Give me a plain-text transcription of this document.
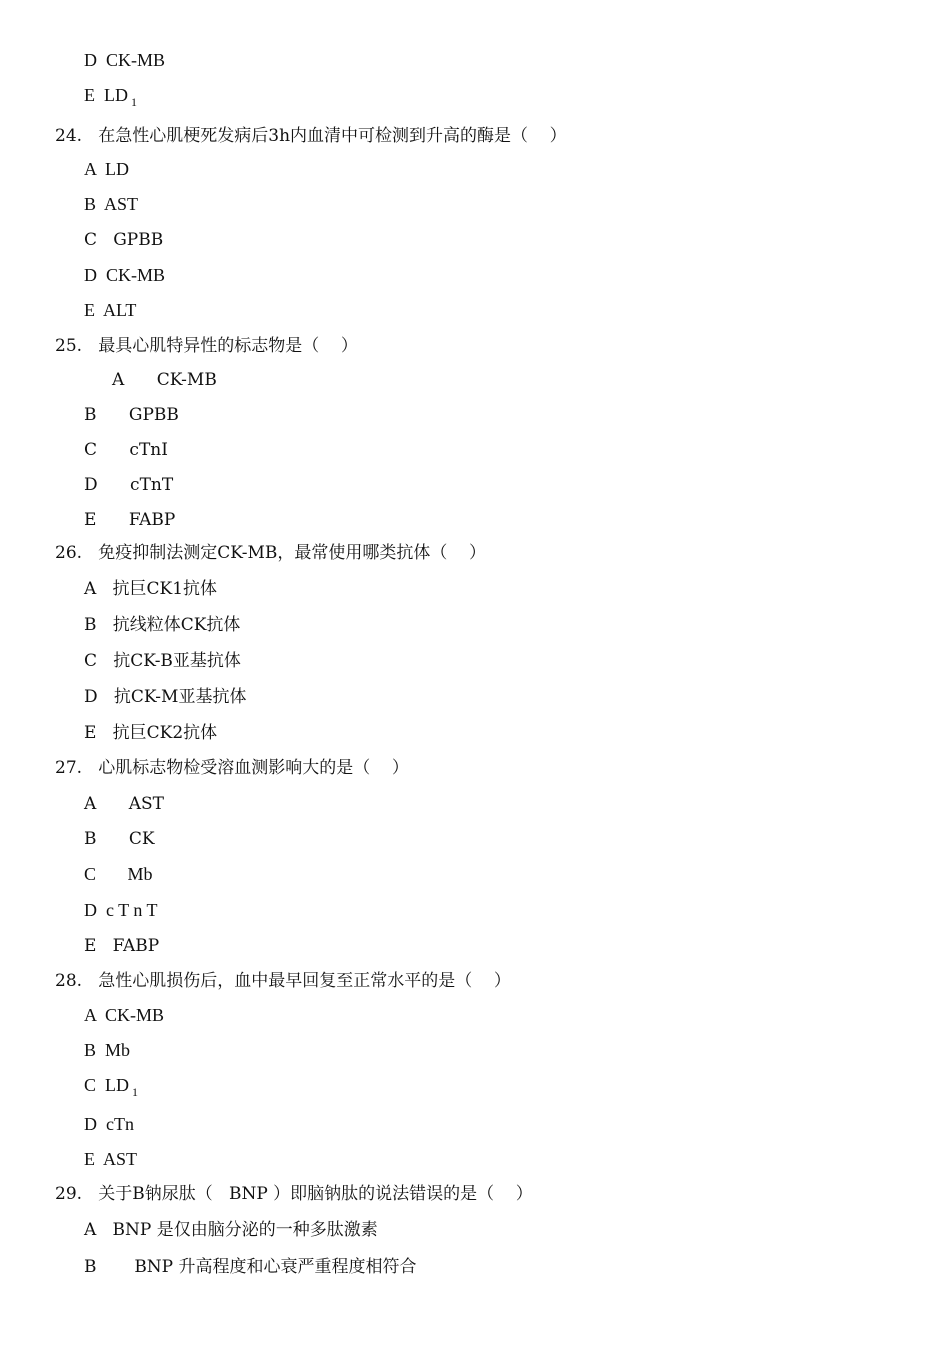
D  CK-MB
E  LD $_1$
24.   在急性心肌梗死发病后3h内血清中可检测到升高的酶是（    ）
A  LD
B  AST
C   GPBB
D  CK-MB
E  ALT
25.   最具心肌特异性的标志物是（    ）
A      CK-MB
B      GPBB
C      cTnI
D      cTnT
E      FABP
26.   免疫抑制法测定CK-MB，最常使用哪类抗体（    ）
A   抗巨CK1抗体
B   抗线粒体CK抗体
C   抗CK-B亚基抗体
D   抗CK-M亚基抗体
E   抗巨CK2抗体
27.   心肌标志物检受溶血测影响大的是（    ）
A      AST
B      CK
C       Mb
D  c T n T
E   FABP
28.   急性心肌损伤后，血中最早回复至正常水平的是（    ）
A  CK-MB
B  Mb
C  LD $_1$
D  cTn
E  AST
29.   关于B钠尿肽（   BNP ）即脑钠肽的说法错误的是（    ）
A   BNP 是仅由脑分泌的一种多肽激素
B       BNP 升高程度和心衰严重程度相符合
